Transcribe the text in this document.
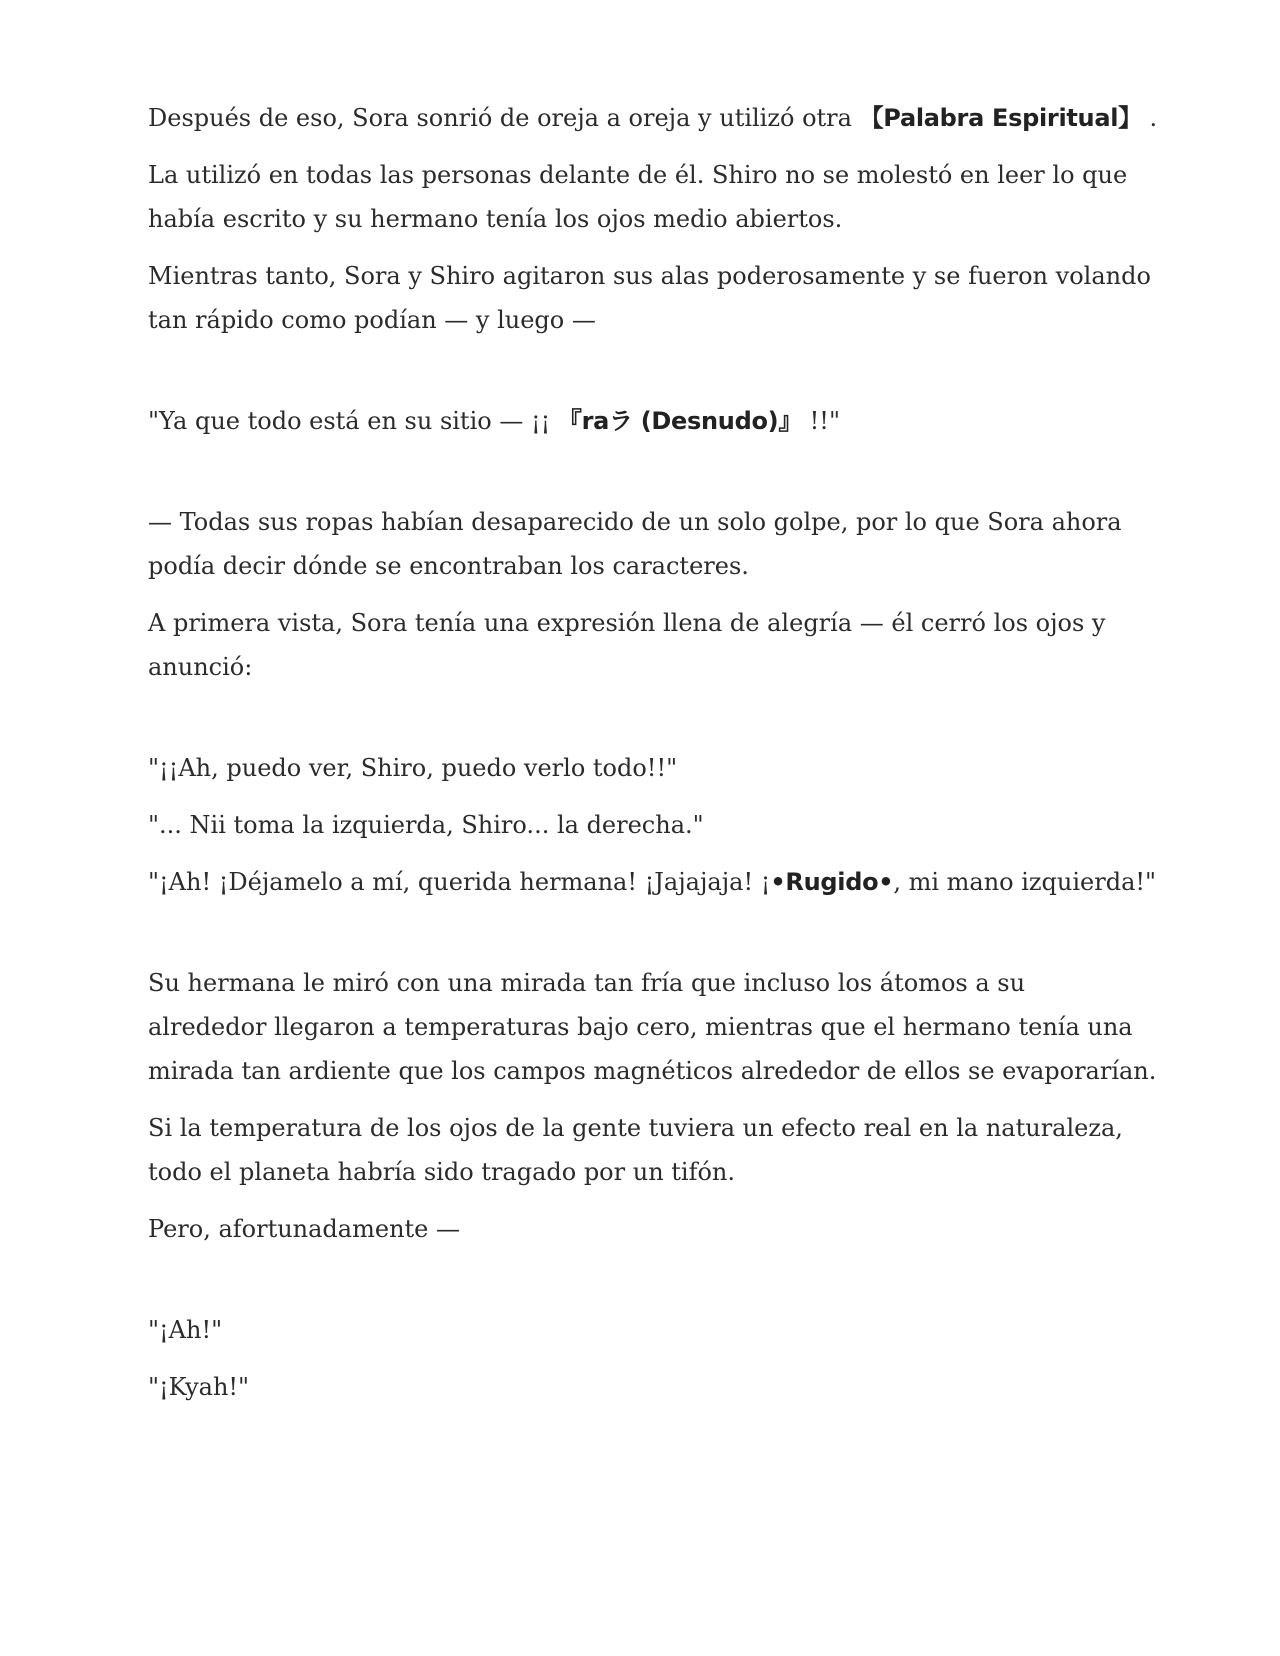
Después de eso, Sora sonrió de oreja a oreja y utilizó otra 【Palabra Espiritual】 .
La utilizó en todas las personas delante de él. Shiro no se molestó en leer lo que
había escrito y su hermano tenía los ojos medio abiertos.
Mientras tanto, Sora y Shiro agitaron sus alas poderosamente y se fueron volando
tan rápido como podían — y luego —
"Ya que todo está en su sitio — ¡¡ 『raラ (Desnudo)』 !!"
— Todas sus ropas habían desaparecido de un solo golpe, por lo que Sora ahora
podía decir dónde se encontraban los caracteres.
A primera vista, Sora tenía una expresión llena de alegría — él cerró los ojos y
anunció:
"¡¡Ah, puedo ver, Shiro, puedo verlo todo!!"
"... Nii toma la izquierda, Shiro... la derecha."
"¡Ah! ¡Déjamelo a mí, querida hermana! ¡Jajajaja! ¡•Rugido•, mi mano izquierda!"
Su hermana le miró con una mirada tan fría que incluso los átomos a su
alrededor llegaron a temperaturas bajo cero, mientras que el hermano tenía una
mirada tan ardiente que los campos magnéticos alrededor de ellos se evaporarían.
Si la temperatura de los ojos de la gente tuviera un efecto real en la naturaleza,
todo el planeta habría sido tragado por un tifón.
Pero, afortunadamente —
"¡Ah!"
"¡Kyah!"
